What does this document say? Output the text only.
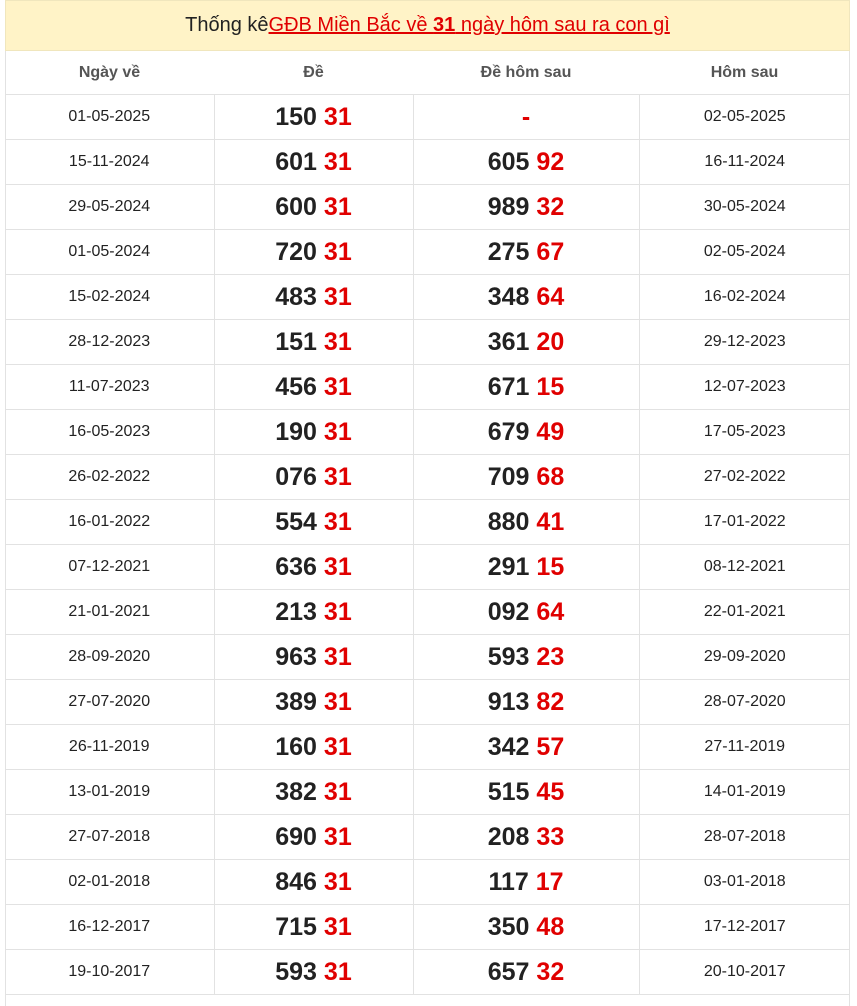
Thống kê GĐB Miền Bắc về 31 ngày hôm sau ra con gì
Ngày về	Đề	Đề hôm sau	Hôm sau
01-05-2025	150 31	-	02-05-2025
15-11-2024	601 31	605 92	16-11-2024
29-05-2024	600 31	989 32	30-05-2024
01-05-2024	720 31	275 67	02-05-2024
15-02-2024	483 31	348 64	16-02-2024
28-12-2023	151 31	361 20	29-12-2023
11-07-2023	456 31	671 15	12-07-2023
16-05-2023	190 31	679 49	17-05-2023
26-02-2022	076 31	709 68	27-02-2022
16-01-2022	554 31	880 41	17-01-2022
07-12-2021	636 31	291 15	08-12-2021
21-01-2021	213 31	092 64	22-01-2021
28-09-2020	963 31	593 23	29-09-2020
27-07-2020	389 31	913 82	28-07-2020
26-11-2019	160 31	342 57	27-11-2019
13-01-2019	382 31	515 45	14-01-2019
27-07-2018	690 31	208 33	28-07-2018
02-01-2018	846 31	117 17	03-01-2018
16-12-2017	715 31	350 48	17-12-2017
19-10-2017	593 31	657 32	20-10-2017
